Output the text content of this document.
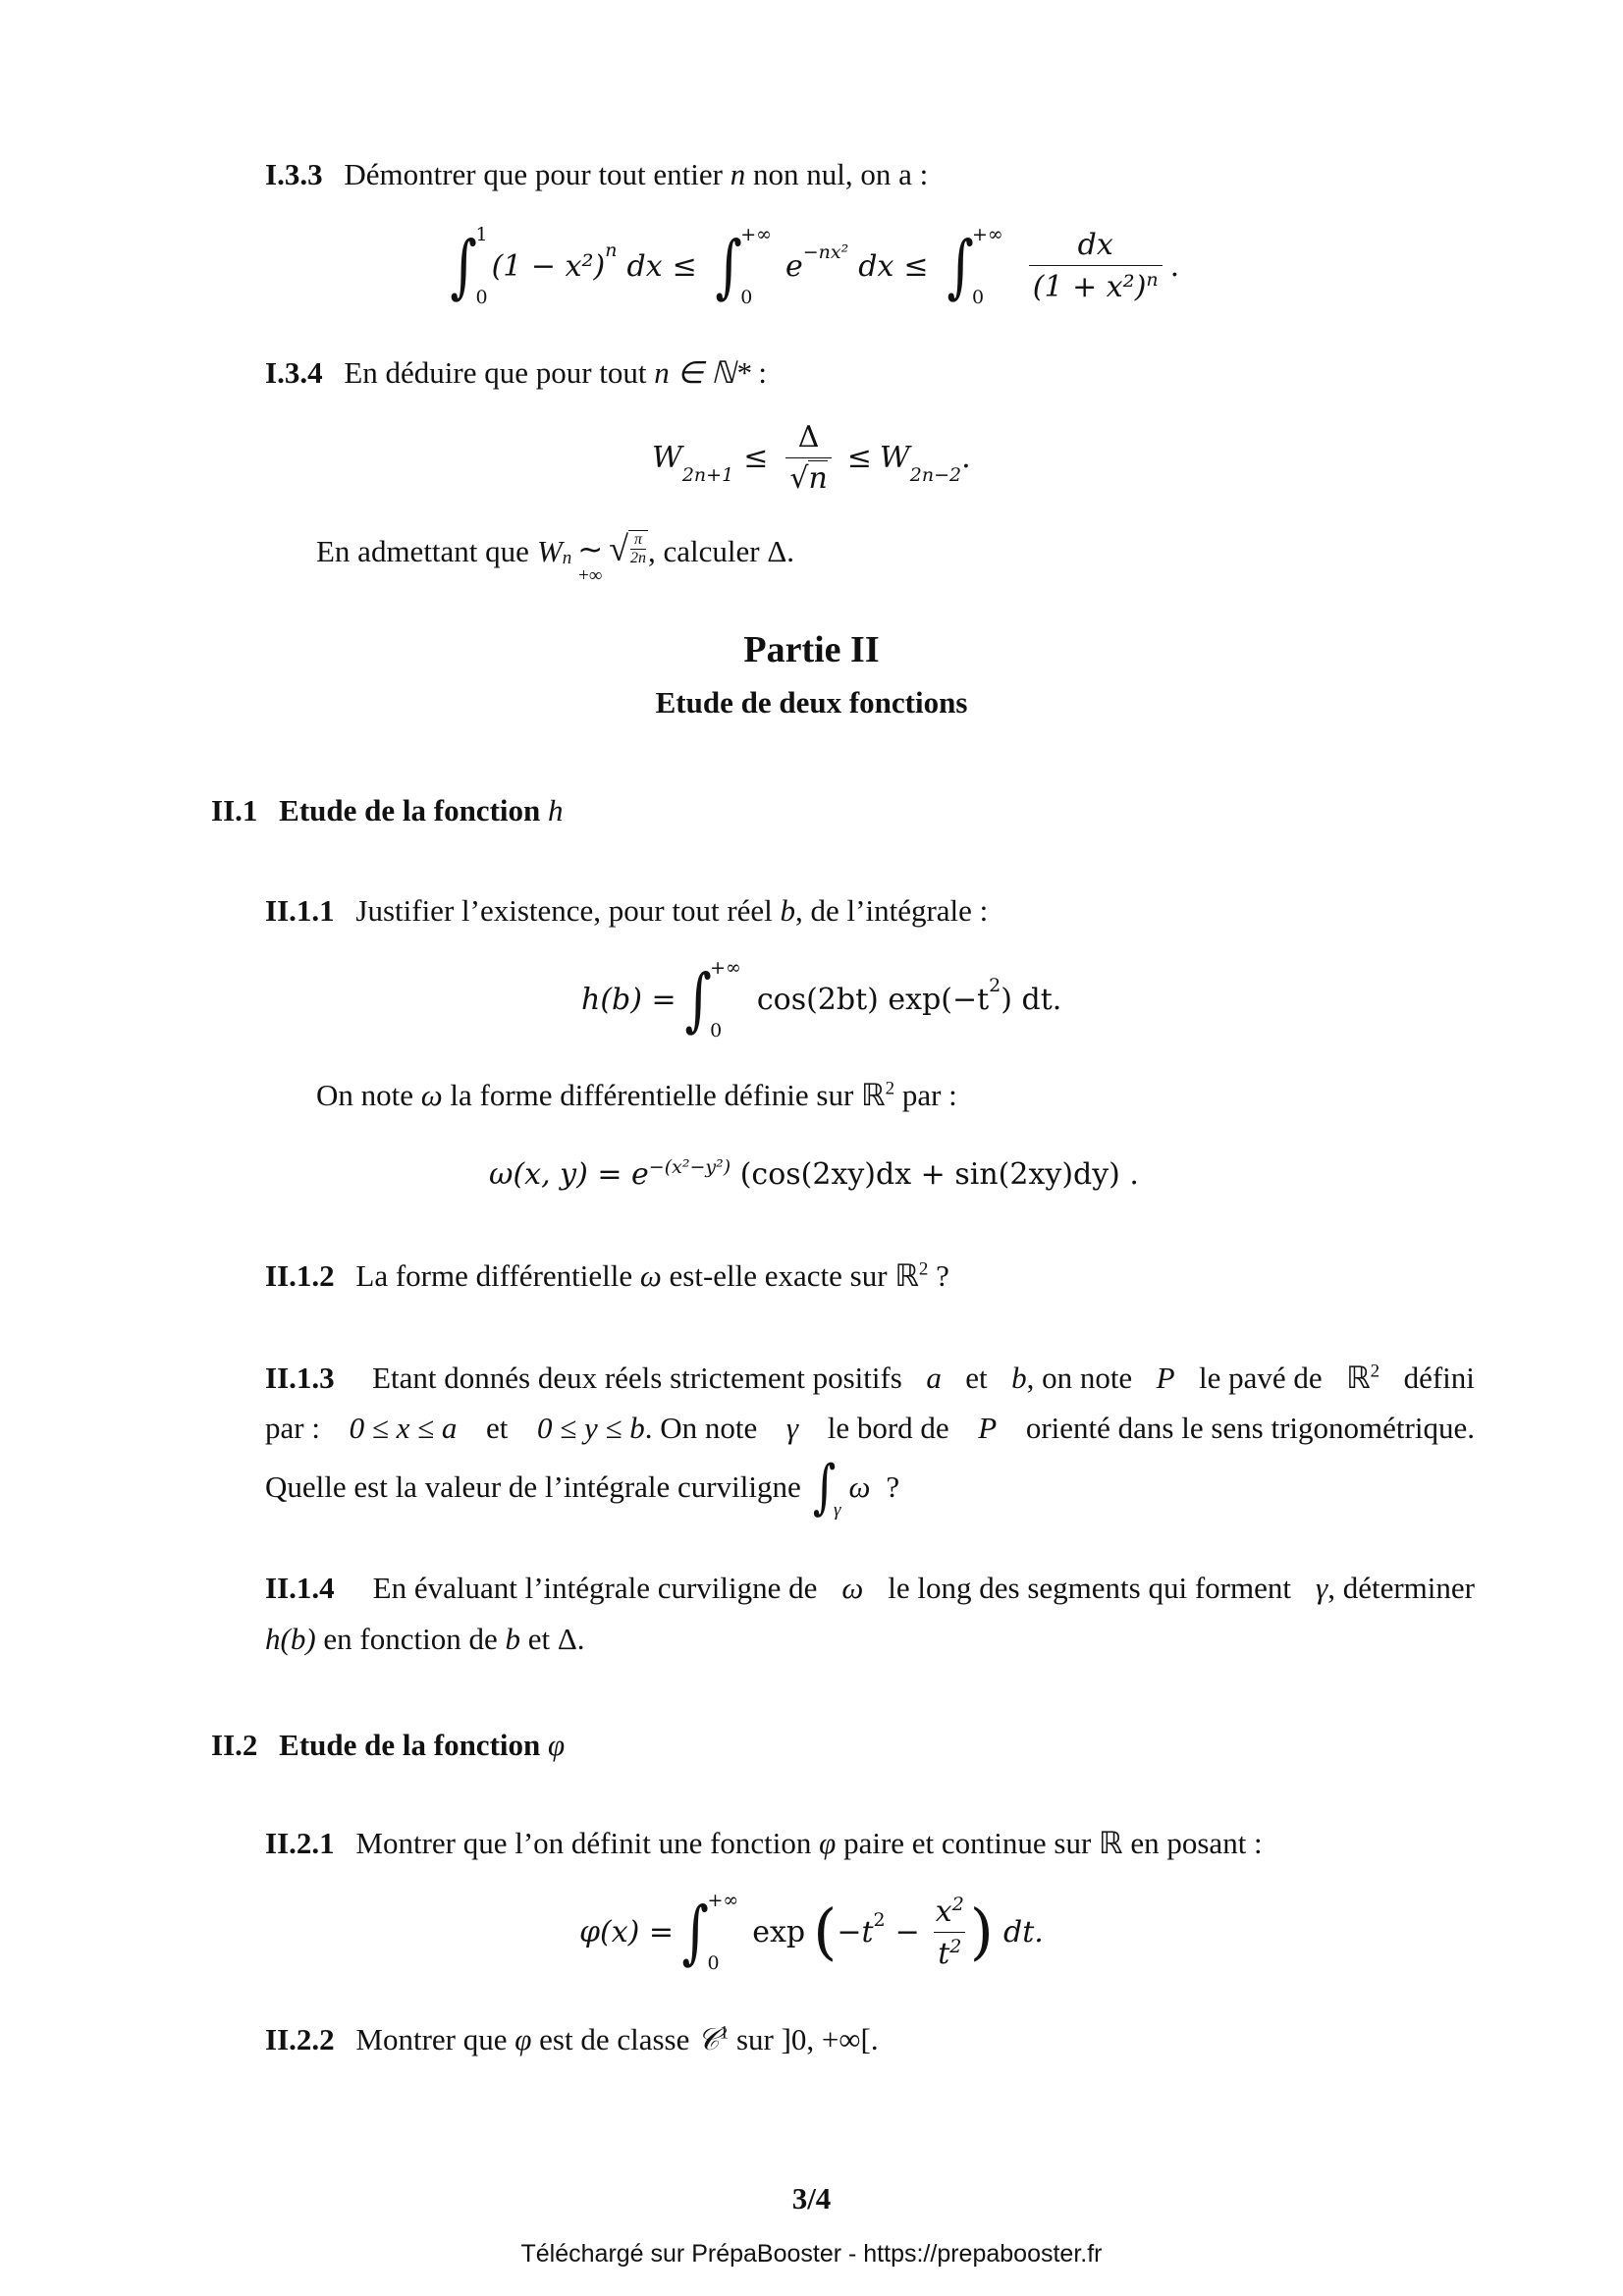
I.3.3 Démontrer que pour tout entier n non nul, on a :
∫
1
0
$(1 - x^2)^n$ dx ≤ ∫
+∞
0
$e^{-nx^2}$ dx ≤ ∫
+∞
0	$\frac{dx}{(1 + x^2)^n}$ .
I.3.4 En déduire que pour tout n ∈ ℕ* :
$W_{2n+1} \le \frac{\Delta}{√n} \le W_{2n-2}$ .
En admettant que $W_n$ ∼
+∞
√ π
2n , calculer Δ.
Partie II
Etude de deux fonctions
II.1 Etude de la fonction h
II.1.1 Justifier l’existence, pour tout réel b, de l’intégrale :
h(b) = ∫
+∞
0
cos(2bt) $\exp(-t^2$ ) dt.
On note ω la forme différentielle définie sur ℝ$^2$ par :
ω(x, $y) = e^{-(x^2-y^2)}$ (cos(2xy)dx + sin(2xy)dy) .
II.1.2 La forme différentielle ω est-elle exacte sur ℝ$^2$ ?
II.1.3 Etant donnés deux réels strictement positifs a et b, on note P le pavé de ℝ$^2$ défini
par : 0 ≤ x ≤ a et 0 ≤ y ≤ b. On note γ le bord de P orienté dans le sens trigonométrique.
Quelle est la valeur de l’intégrale curviligne ∫
γ
ω ?
II.1.4 En évaluant l’intégrale curviligne de ω le long des segments qui forment γ, déterminer
h(b) en fonction de b et Δ.
II.2 Etude de la fonction φ
II.2.1 Montrer que l’on définit une fonction φ paire et continue sur ℝ en posant :
φ(x) = ∫
+∞
0
exp ( $-t^2 - \frac{x^2}{t^2}$ ) dt.
II.2.2 Montrer que φ est de classe 𝒞$^1$ sur ]0, +∞[.
3/4
Téléchargé sur PrépaBooster - https://prepabooster.fr
